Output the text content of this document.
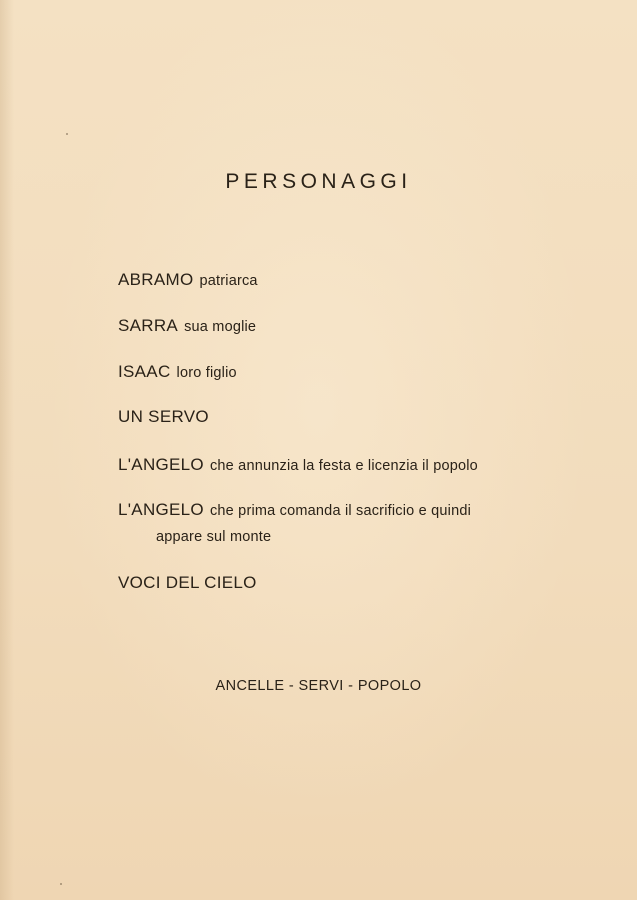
PERSONAGGI
ABRAMO patriarca
SARRA sua moglie
ISAAC loro figlio
UN SERVO
L'ANGELO che annunzia la festa e licenzia il popolo
L'ANGELO che prima comanda il sacrificio e quindi
appare sul monte
VOCI DEL CIELO
ANCELLE - SERVI - POPOLO
